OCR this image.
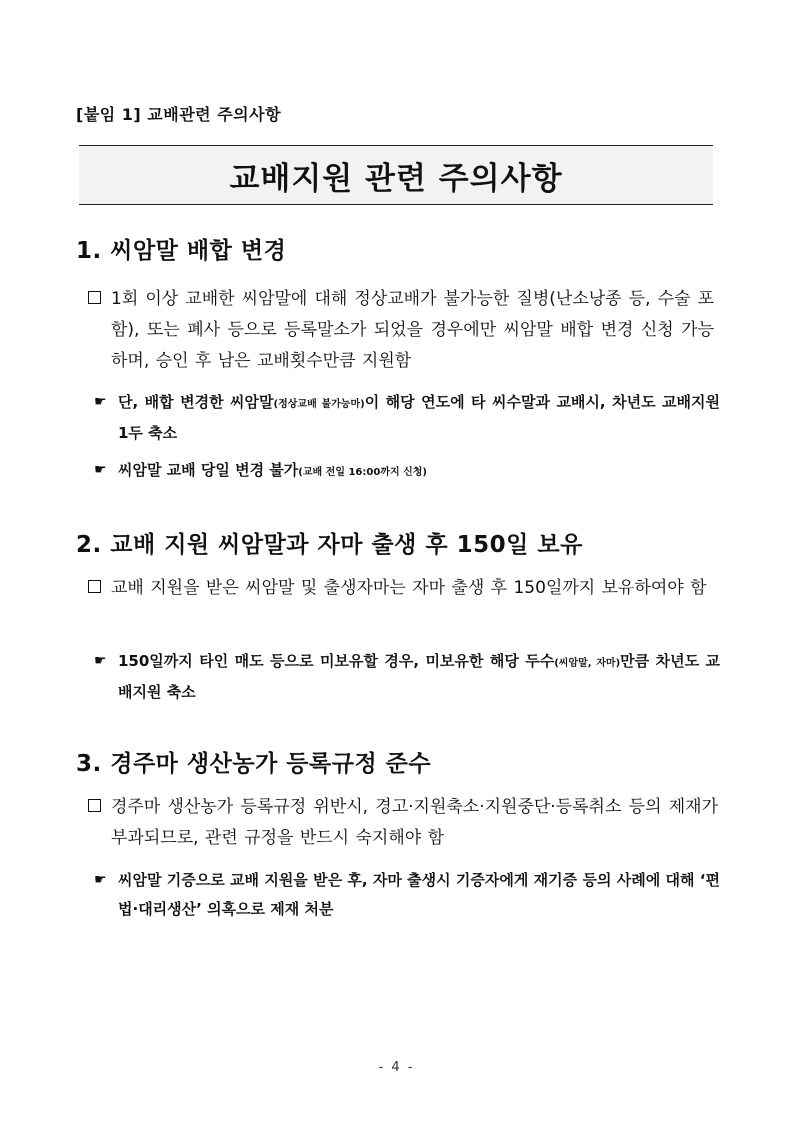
[붙임 1] 교배관련 주의사항
교배지원 관련 주의사항
1. 씨암말 배합 변경
1회 이상 교배한 씨암말에 대해 정상교배가 불가능한 질병(난소낭종 등, 수술 포함), 또는 폐사 등으로 등록말소가 되었을 경우에만 씨암말 배합 변경 신청 가능하며, 승인 후 남은 교배횟수만큼 지원함
☛ 단, 배합 변경한 씨암말(정상교배 불가능마)이 해당 연도에 타 씨수말과 교배시, 차년도 교배지원 1두 축소
☛ 씨암말 교배 당일 변경 불가(교배 전일 16:00까지 신청)
2. 교배 지원 씨암말과 자마 출생 후 150일 보유
교배 지원을 받은 씨암말 및 출생자마는 자마 출생 후 150일까지 보유하여야 함
☛ 150일까지 타인 매도 등으로 미보유할 경우, 미보유한 해당 두수(씨암말, 자마)만큼 차년도 교배지원 축소
3. 경주마 생산농가 등록규정 준수
경주마 생산농가 등록규정 위반시, 경고·지원축소·지원중단·등록취소 등의 제재가 부과되므로, 관련 규정을 반드시 숙지해야 함
☛ 씨암말 기증으로 교배 지원을 받은 후, 자마 출생시 기증자에게 재기증 등의 사례에 대해 ‘편법·대리생산’ 의혹으로 제재 처분
- 4 -
